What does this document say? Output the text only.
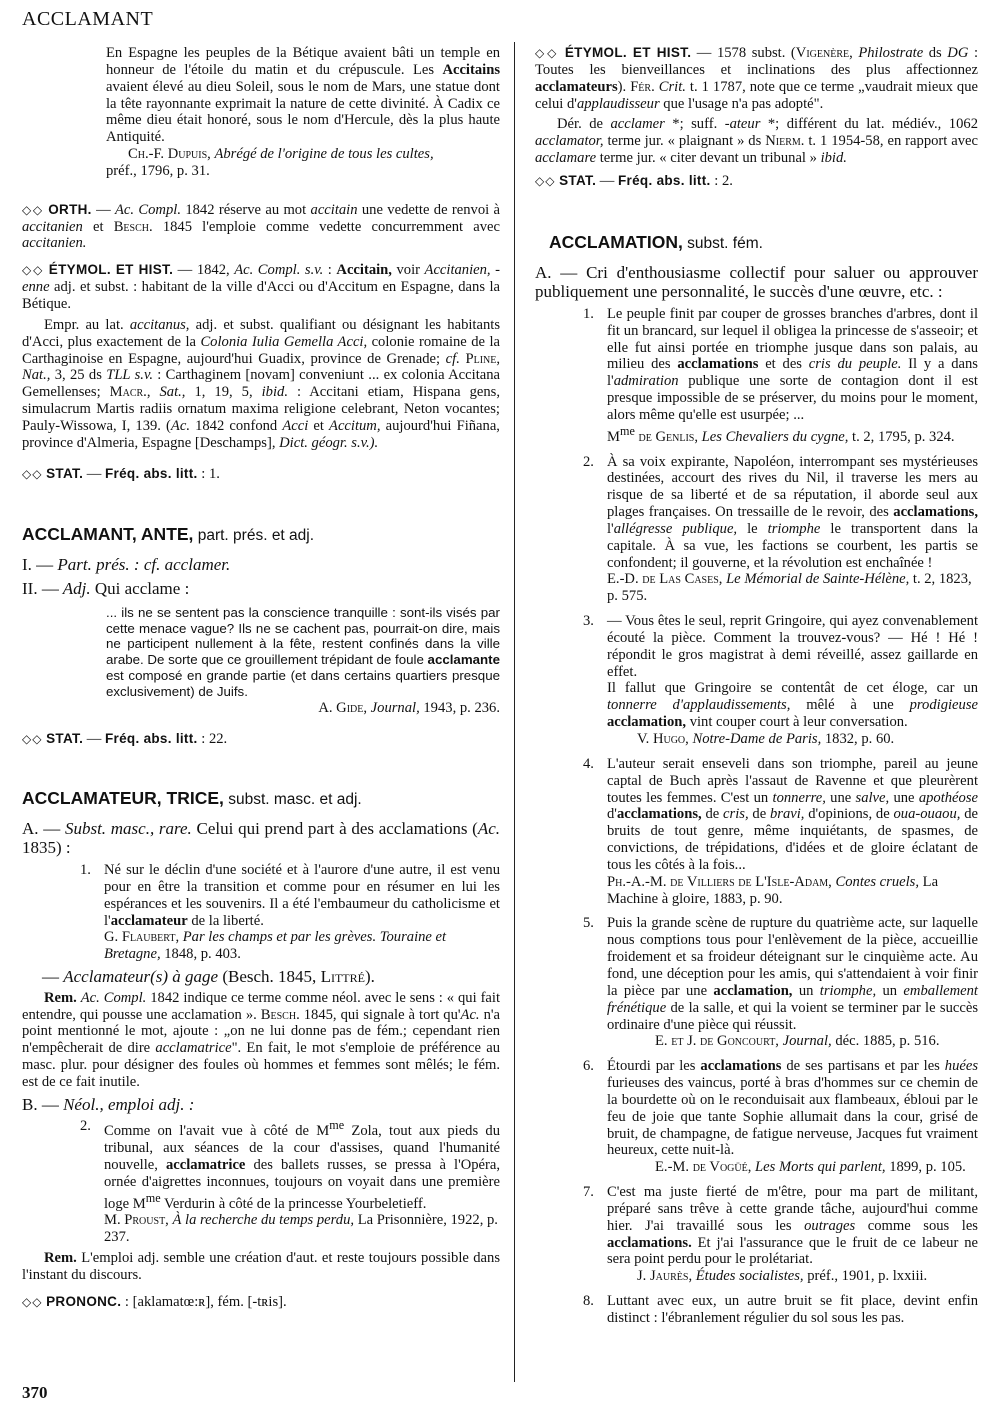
ACCLAMANT

En Espagne les peuples de la Bétique avaient bâti un temple en honneur de l'étoile du matin et du crépuscule. Les Accitains avaient élevé au dieu Soleil, sous le nom de Mars, une statue dont la tête rayonnante exprimait la nature de cette divinité. À Cadix ce même dieu était honoré, sous le nom d'Hercule, dès la plus haute Antiquité.

Ch.-F. Dupuis, Abrégé de l'origine de tous les cultes,
préf., 1796, p. 31.

◇◇ ORTH. — Ac. Compl. 1842 réserve au mot accitain une vedette de renvoi à accitanien et Besch. 1845 l'emploie comme vedette concurremment avec accitanien.

◇◇ ÉTYMOL. ET HIST. — 1842, Ac. Compl. s.v. : Accitain, voir Accitanien, -enne adj. et subst. : habitant de la ville d'Acci ou d'Accitum en Espagne, dans la Bétique.

Empr. au lat. accitanus, adj. et subst. qualifiant ou désignant les habitants d'Acci, plus exactement de la Colonia Iulia Gemella Acci, colonie romaine de la Carthaginoise en Espagne, aujourd'hui Guadix, province de Grenade; cf. Pline, Nat., 3, 25 ds TLL s.v. : Carthaginem [novam] conveniunt ... ex colonia Accitana Gemellenses; Macr., Sat., 1, 19, 5, ibid. : Accitani etiam, Hispana gens, simulacrum Martis radiis ornatum maxima religione celebrant, Neton vocantes; Pauly-Wissowa, I, 139. (Ac. 1842 confond Acci et Accitum, aujourd'hui Fiñana, province d'Almeria, Espagne [Deschamps], Dict. géogr. s.v.).

◇◇ STAT. — Fréq. abs. litt. : 1.

ACCLAMANT, ANTE, part. prés. et adj.

I. — Part. prés. : cf. acclamer.

II. — Adj. Qui acclame :

... ils ne se sentent pas la conscience tranquille : sont-ils visés par cette menace vague? Ils ne se cachent pas, pourrait-on dire, mais ne participent nullement à la fête, restent confinés dans la ville arabe. De sorte que ce grouillement trépidant de foule acclamante est composé en grande partie (et dans certains quartiers presque exclusivement) de Juifs.

A. Gide, Journal, 1943, p. 236.

◇◇ STAT. — Fréq. abs. litt. : 22.

ACCLAMATEUR, TRICE, subst. masc. et adj.

A. — Subst. masc., rare. Celui qui prend part à des acclamations (Ac. 1835) :

1. Né sur le déclin d'une société et à l'aurore d'une autre, il est venu pour en être la transition et comme pour en résumer en lui les espérances et les souvenirs. Il a été l'embaumeur du catholicisme et l'acclamateur de la liberté.

G. Flaubert, Par les champs et par les grèves. Touraine et Bretagne, 1848, p. 403.

— Acclamateur(s) à gage (Besch. 1845, Littré).

Rem. Ac. Compl. 1842 indique ce terme comme néol. avec le sens : « qui fait entendre, qui pousse une acclamation ». Besch. 1845, qui signale à tort qu'Ac. n'a point mentionné le mot, ajoute : „on ne lui donne pas de fém.; cependant rien n'empêcherait de dire acclamatrice". En fait, le mot s'emploie de préférence au masc. plur. pour désigner des foules où hommes et femmes sont mêlés; le fém. est de ce fait inutile.

B. — Néol., emploi adj. :

2. Comme on l'avait vue à côté de $M^{me}$ Zola, tout aux pieds du tribunal, aux séances de la cour d'assises, quand l'humanité nouvelle, acclamatrice des ballets russes, se pressa à l'Opéra, ornée d'aigrettes inconnues, toujours on voyait dans une première loge $M^{me}$ Verdurin à côté de la princesse Yourbeletieff.

M. Proust, À la recherche du temps perdu, La Prisonnière, 1922, p. 237.

Rem. L'emploi adj. semble une création d'aut. et reste toujours possible dans l'instant du discours.

◇◇ PRONONC. : [aklamatœ:ʀ], fém. [-tʀis].

◇◇ ÉTYMOL. ET HIST. — 1578 subst. (Vigenère, Philostrate ds DG : Toutes les bienveillances et inclinations des plus affectionnez acclamateurs). Fér. Crit. t. 1 1787, note que ce terme „vaudrait mieux que celui d'applaudisseur que l'usage n'a pas adopté".

Dér. de acclamer *; suff. -ateur *; différent du lat. médiév., 1062 acclamator, terme jur. « plaignant » ds Nierm. t. 1 1954-58, en rapport avec acclamare terme jur. « citer devant un tribunal » ibid.

◇◇ STAT. — Fréq. abs. litt. : 2.

ACCLAMATION, subst. fém.

A. — Cri d'enthousiasme collectif pour saluer ou approuver publiquement une personnalité, le succès d'une œuvre, etc. :

1. Le peuple finit par couper de grosses branches d'arbres, dont il fit un brancard, sur lequel il obligea la princesse de s'asseoir; et elle fut ainsi portée en triomphe jusque dans son palais, au milieu des acclamations et des cris du peuple. Il y a dans l'admiration publique une sorte de contagion dont il est presque impossible de se préserver, du moins pour le moment, alors même qu'elle est usurpée; ...

$M^{me}$ de Genlis, Les Chevaliers du cygne, t. 2, 1795, p. 324.

2. À sa voix expirante, Napoléon, interrompant ses mystérieuses destinées, accourt des rives du Nil, il traverse les mers au risque de sa liberté et de sa réputation, il aborde seul aux plages françaises. On tressaille de le revoir, des acclamations, l'allégresse publique, le triomphe le transportent dans la capitale. À sa vue, les factions se courbent, les partis se confondent; il gouverne, et la révolution est enchaînée !

E.-D. de Las Cases, Le Mémorial de Sainte-Hélène, t. 2, 1823, p. 575.

3. — Vous êtes le seul, reprit Gringoire, qui ayez convenablement écouté la pièce. Comment la trouvez-vous? — Hé ! Hé ! répondit le gros magistrat à demi réveillé, assez gaillarde en effet.

Il fallut que Gringoire se contentât de cet éloge, car un tonnerre d'applaudissements, mêlé à une prodigieuse acclamation, vint couper court à leur conversation.

V. Hugo, Notre-Dame de Paris, 1832, p. 60.

4. L'auteur serait enseveli dans son triomphe, pareil au jeune captal de Buch après l'assaut de Ravenne et que pleurèrent toutes les femmes. C'est un tonnerre, une salve, une apothéose d'acclamations, de cris, de bravi, d'opinions, de oua-ouaou, de bruits de tout genre, même inquiétants, de spasmes, de convictions, de trépidations, d'idées et de gloire éclatant de tous les côtés à la fois...

Ph.-A.-M. de Villiers de L'Isle-Adam, Contes cruels, La Machine à gloire, 1883, p. 90.

5. Puis la grande scène de rupture du quatrième acte, sur laquelle nous comptions tous pour l'enlèvement de la pièce, accueillie froidement et sa froideur déteignant sur le cinquième acte. Au fond, une déception pour les amis, qui s'attendaient à voir finir la pièce par une acclamation, un triomphe, un emballement frénétique de la salle, et qui la voient se terminer par le succès ordinaire d'une pièce qui réussit.

E. et J. de Goncourt, Journal, déc. 1885, p. 516.

6. Étourdi par les acclamations de ses partisans et par les huées furieuses des vaincus, porté à bras d'hommes sur ce chemin de la bourdette où on le reconduisait aux flambeaux, ébloui par le feu de joie que tante Sophie allumait dans la cour, grisé de bruit, de champagne, de fatigue nerveuse, Jacques fut vraiment heureux, cette nuit-là.

E.-M. de Vogüé, Les Morts qui parlent, 1899, p. 105.

7. C'est ma juste fierté de m'être, pour ma part de militant, préparé sans trêve à cette grande tâche, aujourd'hui comme hier. J'ai travaillé sous les outrages comme sous les acclamations. Et j'ai l'assurance que le fruit de ce labeur ne sera point perdu pour le prolétariat.

J. Jaurès, Études socialistes, préf., 1901, p. lxxiii.

8. Luttant avec eux, un autre bruit se fit place, devint enfin distinct : l'ébranlement régulier du sol sous les pas.

370
